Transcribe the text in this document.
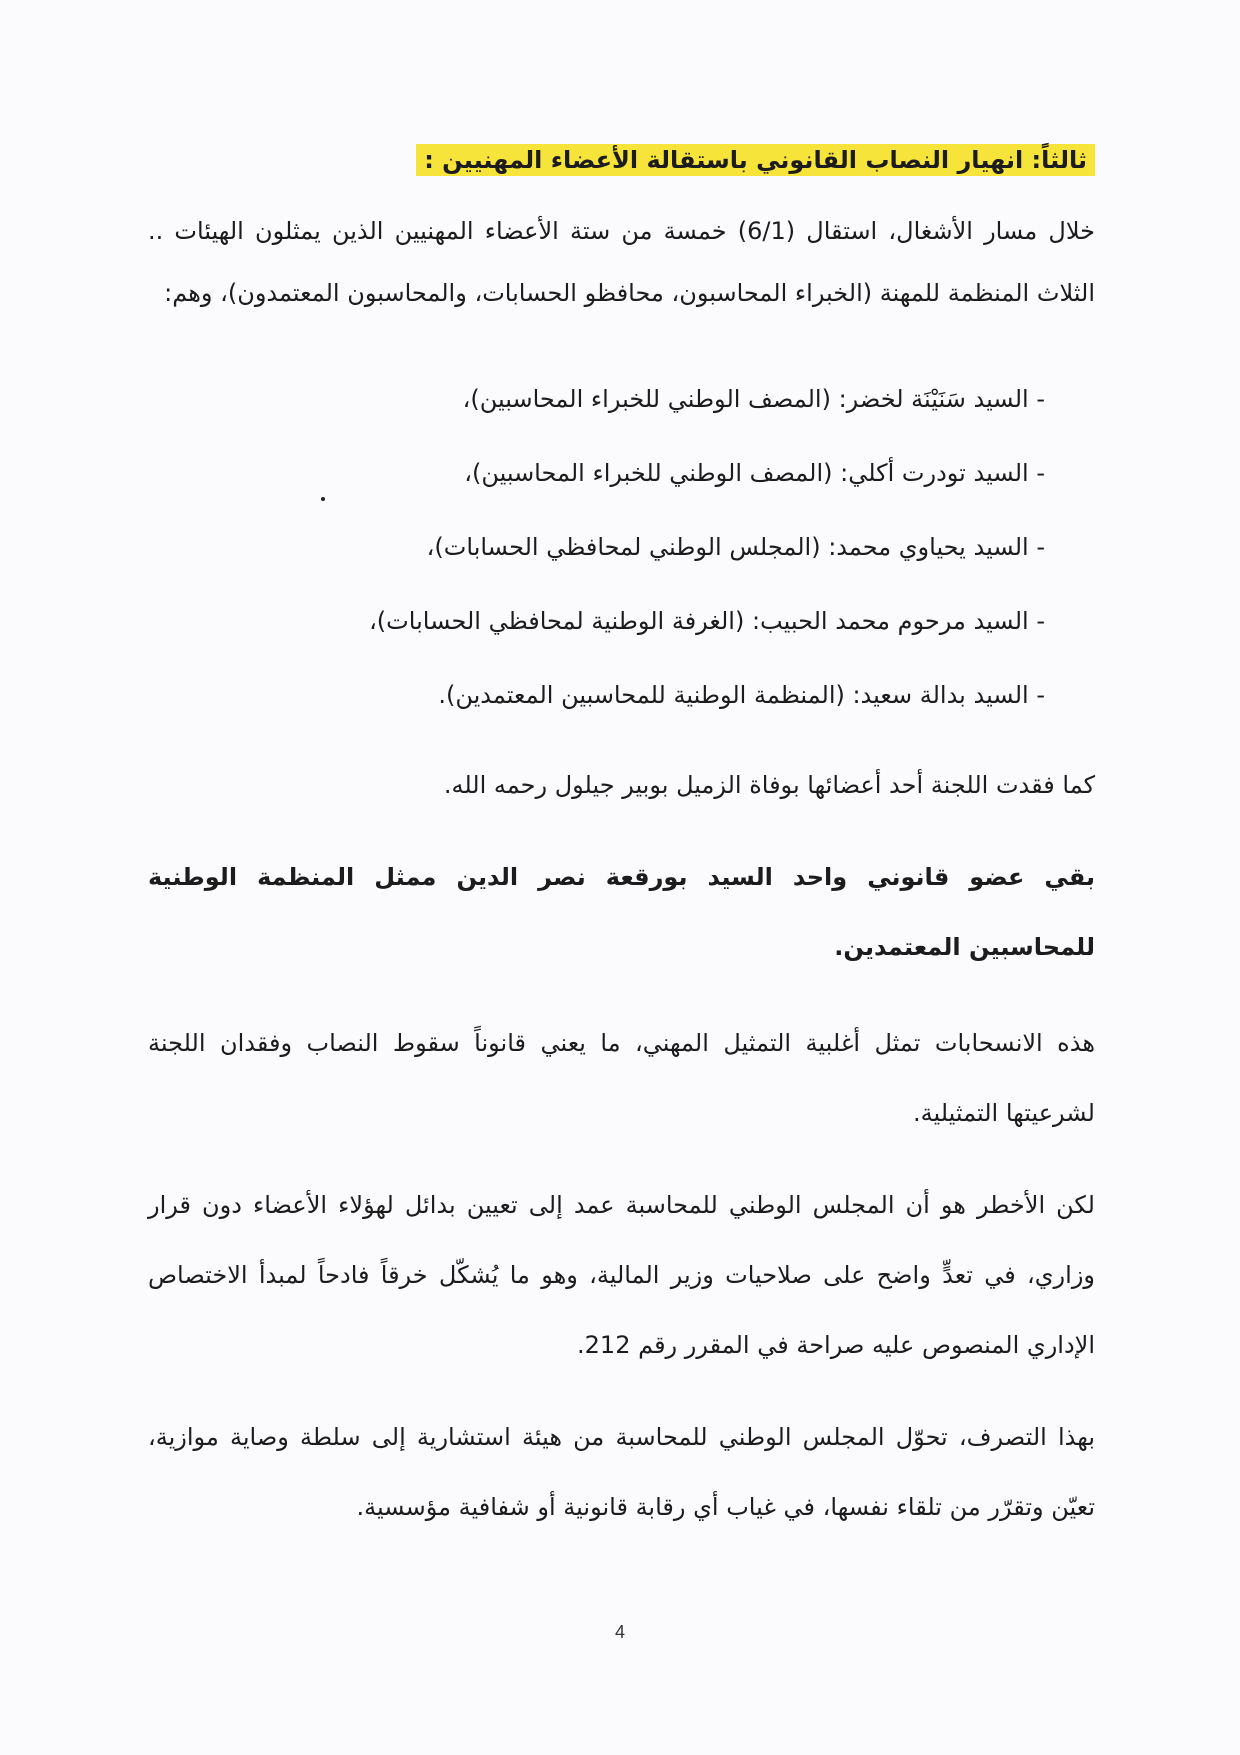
ثالثاً: انهيار النصاب القانوني باستقالة الأعضاء المهنيين :

خلال مسار الأشغال، استقال (6/1) خمسة من ستة الأعضاء المهنيين الذين يمثلون الهيئات .. الثلاث المنظمة للمهنة (الخبراء المحاسبون، محافظو الحسابات، والمحاسبون المعتمدون)، وهم:

- السيد سَنَيْنَة لخضر: (المصف الوطني للخبراء المحاسبين)،
- السيد تودرت أكلي: (المصف الوطني للخبراء المحاسبين)،
- السيد يحياوي محمد: (المجلس الوطني لمحافظي الحسابات)،
- السيد مرحوم محمد الحبيب: (الغرفة الوطنية لمحافظي الحسابات)،
- السيد بدالة سعيد: (المنظمة الوطنية للمحاسبين المعتمدين).

كما فقدت اللجنة أحد أعضائها بوفاة الزميل بوبير جيلول رحمه الله.

بقي عضو قانوني واحد السيد بورقعة نصر الدين ممثل المنظمة الوطنية للمحاسبين المعتمدين.

هذه الانسحابات تمثل أغلبية التمثيل المهني، ما يعني قانوناً سقوط النصاب وفقدان اللجنة لشرعيتها التمثيلية.

لكن الأخطر هو أن المجلس الوطني للمحاسبة عمد إلى تعيين بدائل لهؤلاء الأعضاء دون قرار وزاري، في تعدٍّ واضح على صلاحيات وزير المالية، وهو ما يُشكّل خرقاً فادحاً لمبدأ الاختصاص الإداري المنصوص عليه صراحة في المقرر رقم 212.

بهذا التصرف، تحوّل المجلس الوطني للمحاسبة من هيئة استشارية إلى سلطة وصاية موازية، تعيّن وتقرّر من تلقاء نفسها، في غياب أي رقابة قانونية أو شفافية مؤسسية.

4
